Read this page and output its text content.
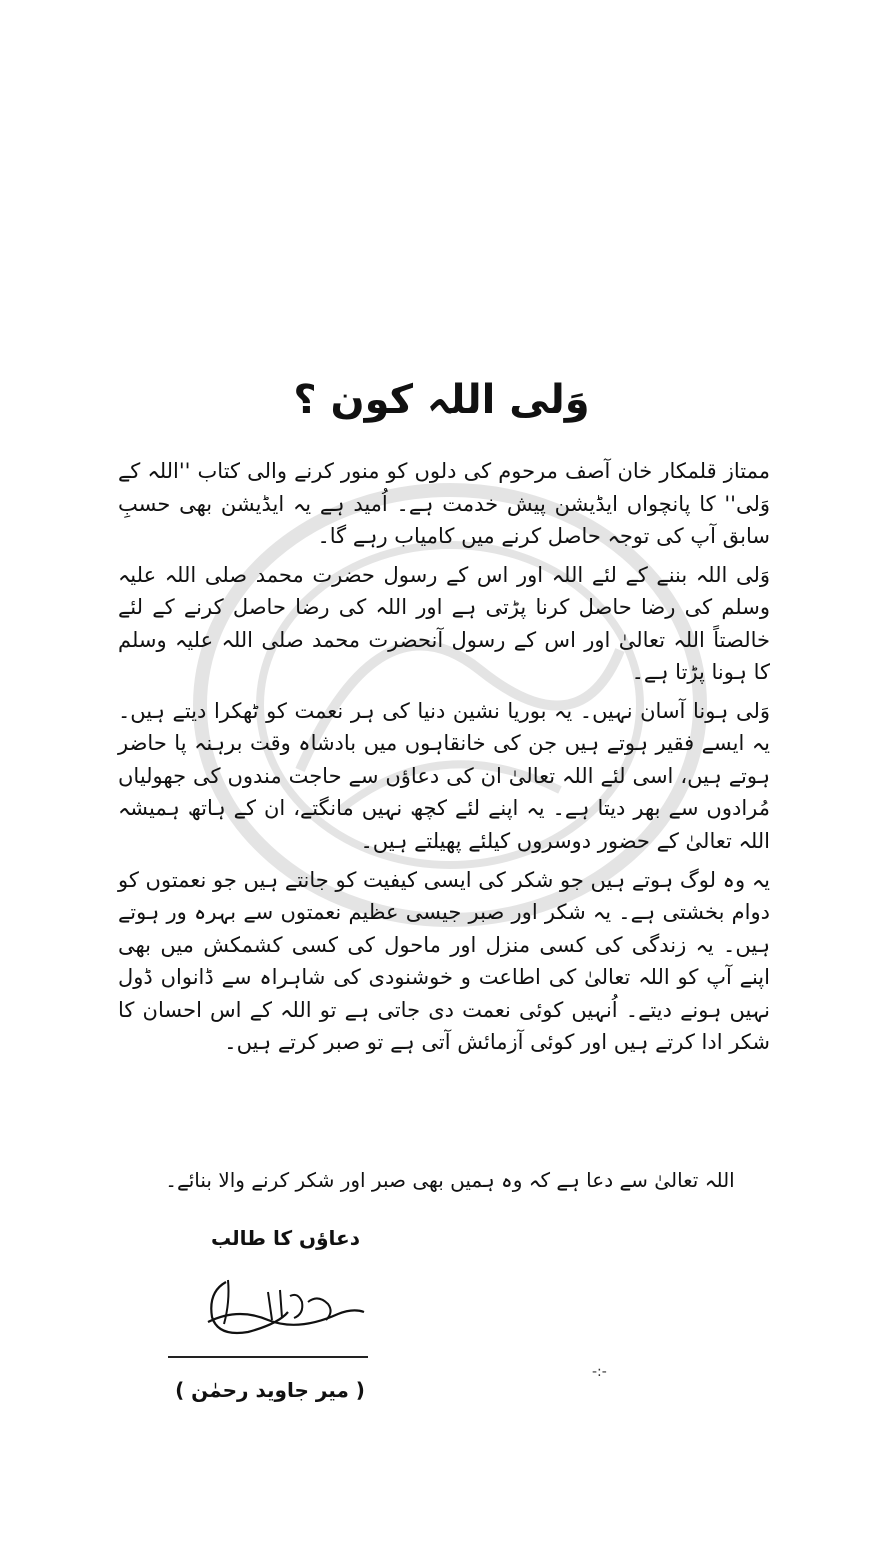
وَلی اللہ کون ؟

ممتاز قلمکار خان آصف مرحوم کی دلوں کو منور کرنے والی کتاب ''اللہ کے وَلی'' کا پانچواں ایڈیشن پیش خدمت ہے۔ اُمید ہے یہ ایڈیشن بھی حسبِ سابق آپ کی توجہ حاصل کرنے میں کامیاب رہے گا۔

وَلی اللہ بننے کے لئے اللہ اور اس کے رسول حضرت محمد صلی اللہ علیہ وسلم کی رضا حاصل کرنا پڑتی ہے اور اللہ کی رضا حاصل کرنے کے لئے خالصتاً اللہ تعالیٰ اور اس کے رسول آنحضرت محمد صلی اللہ علیہ وسلم کا ہونا پڑتا ہے۔

وَلی ہونا آسان نہیں۔ یہ بوریا نشین دنیا کی ہر نعمت کو ٹھکرا دیتے ہیں۔ یہ ایسے فقیر ہوتے ہیں جن کی خانقاہوں میں بادشاہ وقت برہنہ پا حاضر ہوتے ہیں، اسی لئے اللہ تعالیٰ ان کی دعاؤں سے حاجت مندوں کی جھولیاں مُرادوں سے بھر دیتا ہے۔ یہ اپنے لئے کچھ نہیں مانگتے، ان کے ہاتھ ہمیشہ اللہ تعالیٰ کے حضور دوسروں کیلئے پھیلتے ہیں۔

یہ وہ لوگ ہوتے ہیں جو شکر کی ایسی کیفیت کو جانتے ہیں جو نعمتوں کو دوام بخشتی ہے۔ یہ شکر اور صبر جیسی عظیم نعمتوں سے بہرہ ور ہوتے ہیں۔ یہ زندگی کی کسی منزل اور ماحول کی کسی کشمکش میں بھی اپنے آپ کو اللہ تعالیٰ کی اطاعت و خوشنودی کی شاہراہ سے ڈانواں ڈول نہیں ہونے دیتے۔ اُنہیں کوئی نعمت دی جاتی ہے تو اللہ کے اس احسان کا شکر ادا کرتے ہیں اور کوئی آزمائش آتی ہے تو صبر کرتے ہیں۔

اللہ تعالیٰ سے دعا ہے کہ وہ ہمیں بھی صبر اور شکر کرنے والا بنائے۔
دعاؤں کا طالب
( میر جاوید رحمٰن )
-:-
